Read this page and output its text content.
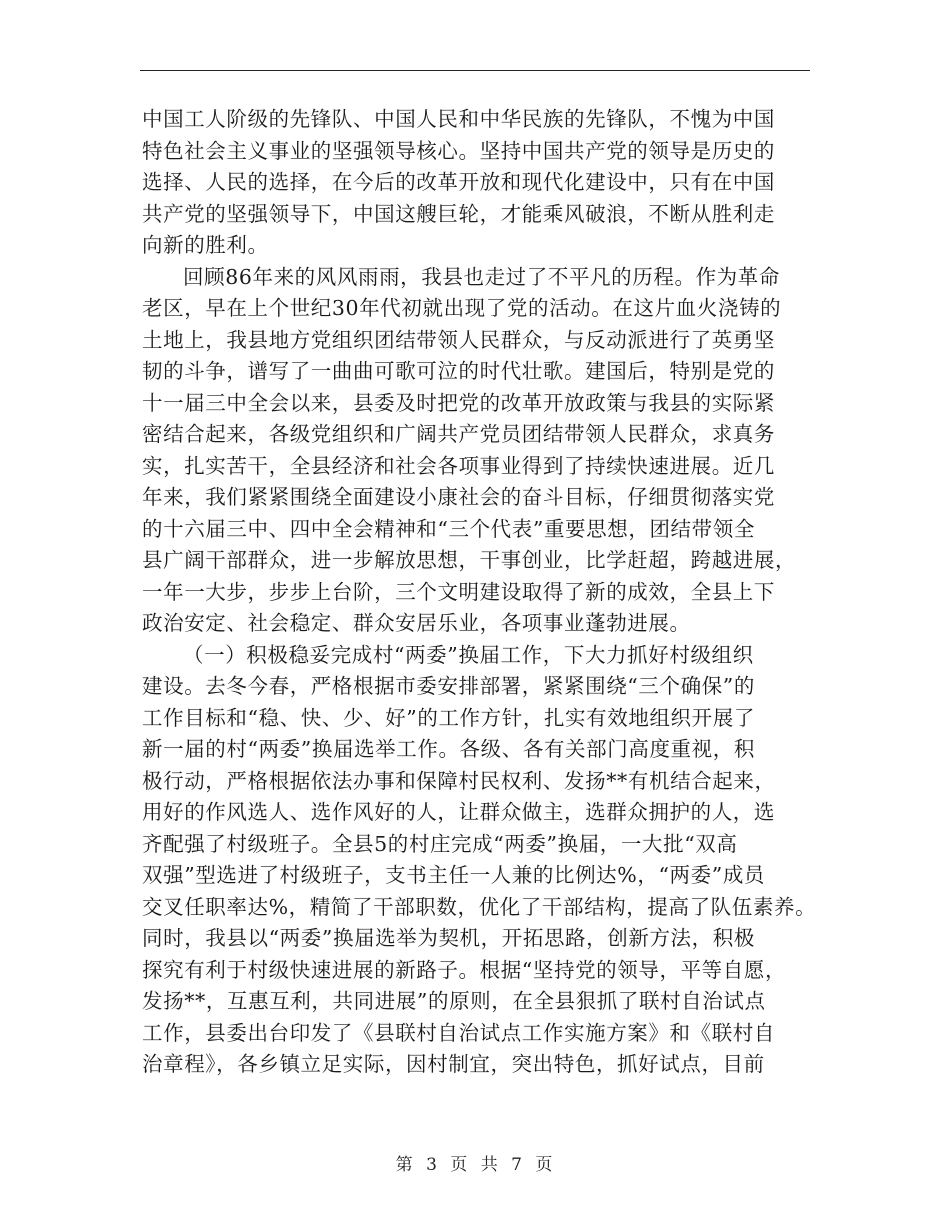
中国工人阶级的先锋队、中国人民和中华民族的先锋队，不愧为中国
特色社会主义事业的坚强领导核心。坚持中国共产党的领导是历史的
选择、人民的选择，在今后的改革开放和现代化建设中，只有在中国
共产党的坚强领导下，中国这艘巨轮，才能乘风破浪，不断从胜利走
向新的胜利。
回顾86年来的风风雨雨，我县也走过了不平凡的历程。作为革命
老区，早在上个世纪30年代初就出现了党的活动。在这片血火浇铸的
土地上，我县地方党组织团结带领人民群众，与反动派进行了英勇坚
韧的斗争，谱写了一曲曲可歌可泣的时代壮歌。建国后，特别是党的
十一届三中全会以来，县委及时把党的改革开放政策与我县的实际紧
密结合起来，各级党组织和广阔共产党员团结带领人民群众，求真务
实，扎实苦干，全县经济和社会各项事业得到了持续快速进展。近几
年来，我们紧紧围绕全面建设小康社会的奋斗目标，仔细贯彻落实党
的十六届三中、四中全会精神和“三个代表”重要思想，团结带领全
县广阔干部群众，进一步解放思想，干事创业，比学赶超，跨越进展，
一年一大步，步步上台阶，三个文明建设取得了新的成效，全县上下
政治安定、社会稳定、群众安居乐业，各项事业蓬勃进展。
（一）积极稳妥完成村“两委”换届工作，下大力抓好村级组织
建设。去冬今春，严格根据市委安排部署，紧紧围绕“三个确保”的
工作目标和“稳、快、少、好”的工作方针，扎实有效地组织开展了
新一届的村“两委”换届选举工作。各级、各有关部门高度重视，积
极行动，严格根据依法办事和保障村民权利、发扬**有机结合起来，
用好的作风选人、选作风好的人，让群众做主，选群众拥护的人，选
齐配强了村级班子。全县5的村庄完成“两委”换届，一大批“双高
双强”型选进了村级班子，支书主任一人兼的比例达%，“两委”成员
交叉任职率达%，精简了干部职数，优化了干部结构，提高了队伍素养。
同时，我县以“两委”换届选举为契机，开拓思路，创新方法，积极
探究有利于村级快速进展的新路子。根据“坚持党的领导，平等自愿，
发扬**，互惠互利，共同进展”的原则，在全县狠抓了联村自治试点
工作，县委出台印发了《县联村自治试点工作实施方案》和《联村自
治章程》，各乡镇立足实际，因村制宜，突出特色，抓好试点，目前
第 3 页 共 7 页
